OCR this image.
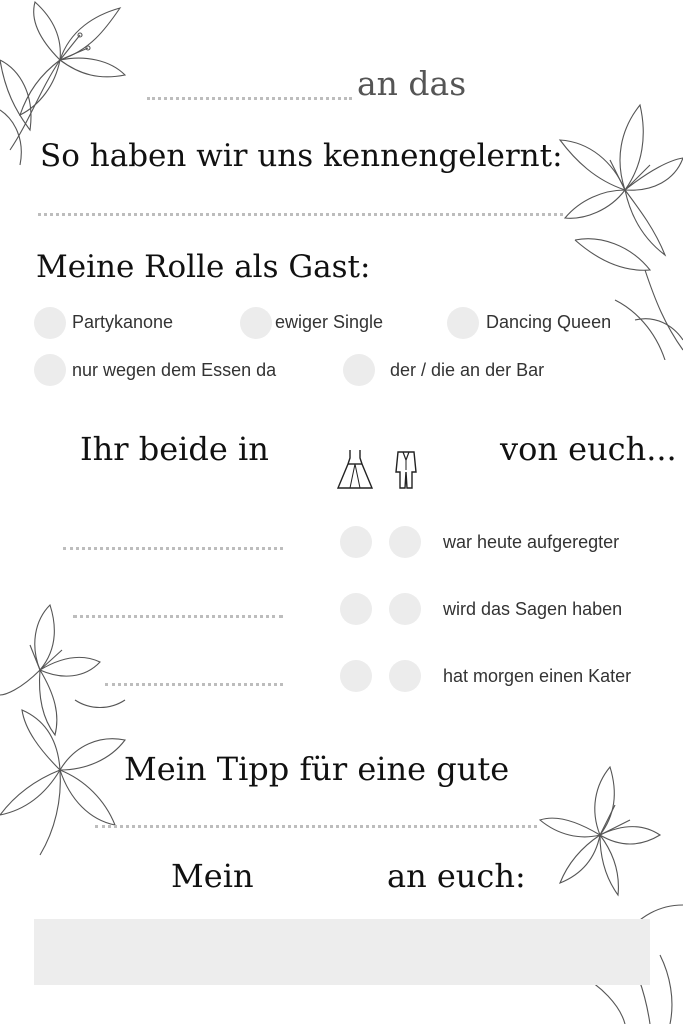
an das
So haben wir uns kennengelernt:
Meine Rolle als Gast:
Partykanone	ewiger Single	Dancing Queen
nur wegen dem Essen da	der / die an der Bar
Ihr beide in	von euch...
war heute aufgeregter
wird das Sagen haben
hat morgen einen Kater
Mein Tipp für eine gute
Mein	an euch:
